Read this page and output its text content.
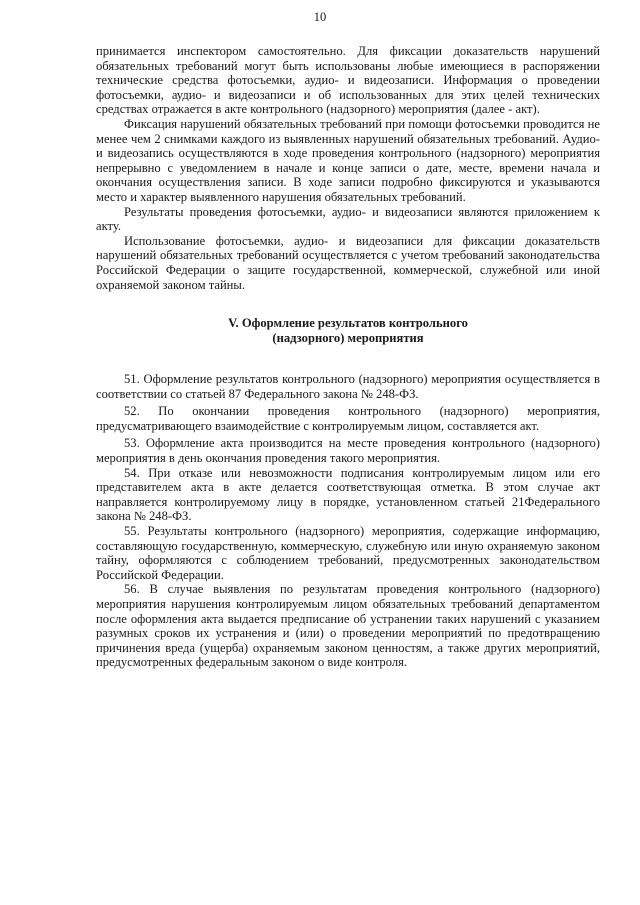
10

принимается инспектором самостоятельно. Для фиксации доказательств нарушений обязательных требований могут быть использованы любые имеющиеся в распоряжении технические средства фотосъемки, аудио- и видеозаписи. Информация о проведении фотосъемки, аудио- и видеозаписи и об использованных для этих целей технических средствах отражается в акте контрольного (надзорного) мероприятия (далее - акт).

Фиксация нарушений обязательных требований при помощи фотосъемки проводится не менее чем 2 снимками каждого из выявленных нарушений обязательных требований. Аудио- и видеозапись осуществляются в ходе проведения контрольного (надзорного) мероприятия непрерывно с уведомлением в начале и конце записи о дате, месте, времени начала и окончания осуществления записи. В ходе записи подробно фиксируются и указываются место и характер выявленного нарушения обязательных требований.

Результаты проведения фотосъемки, аудио- и видеозаписи являются приложением к акту.

Использование фотосъемки, аудио- и видеозаписи для фиксации доказательств нарушений обязательных требований осуществляется с учетом требований законодательства Российской Федерации о защите государственной, коммерческой, служебной или иной охраняемой законом тайны.

V. Оформление результатов контрольного
(надзорного) мероприятия

51. Оформление результатов контрольного (надзорного) мероприятия осуществляется в соответствии со статьей 87 Федерального закона № 248-ФЗ.

52. По окончании проведения контрольного (надзорного) мероприятия, предусматривающего взаимодействие с контролируемым лицом, составляется акт.

53. Оформление акта производится на месте проведения контрольного (надзорного) мероприятия в день окончания проведения такого мероприятия.

54. При отказе или невозможности подписания контролируемым лицом или его представителем акта в акте делается соответствующая отметка. В этом случае акт направляется контролируемому лицу в порядке, установленном статьей 21Федерального закона № 248-ФЗ.

55. Результаты контрольного (надзорного) мероприятия, содержащие информацию, составляющую государственную, коммерческую, служебную или иную охраняемую законом тайну, оформляются с соблюдением требований, предусмотренных законодательством Российской Федерации.

56. В случае выявления по результатам проведения контрольного (надзорного) мероприятия нарушения контролируемым лицом обязательных требований департаментом после оформления акта выдается предписание об устранении таких нарушений с указанием разумных сроков их устранения и (или) о проведении мероприятий по предотвращению причинения вреда (ущерба) охраняемым законом ценностям, а также других мероприятий, предусмотренных федеральным законом о виде контроля.
